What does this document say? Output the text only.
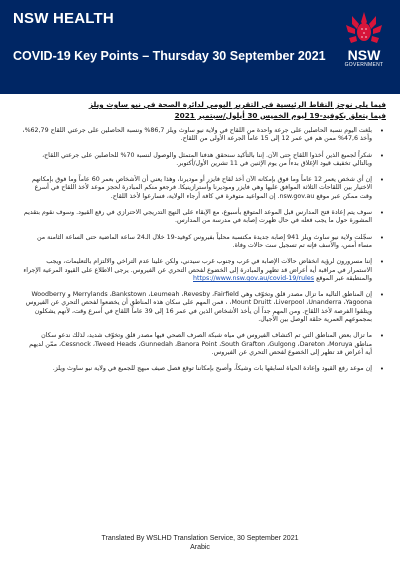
NSW HEALTH
COVID-19 Key Points – Thursday 30 September 2021	NSW
GOVERNMENT
فيما يلي نوجز النقاط الرئيسية في التقرير اليومي لدائرة الصحة في نيو ساوث ويلز
فيما يتعلق بكوفيد-19 ليوم الخميس 30 أيلول/سبتمبر 2021
•
بلغت اليوم نسبة الحاصلين على جرعة واحدة من اللقاح في ولاية نيو ساوث ويلز 86,7% ونسبة الحاصلين على جرعتي اللقاح 62,79%، وأخذ 47,6% ممن هم في عمر 12 إلى 15 عاماً الجرعة الأولى من اللقاح.
•
شكراً لجميع الذين أخذوا اللقاح حتى الآن. إننا بالتأكيد سنحقق هدفنا المتمثل والوصول لنسبة 70% للحاصلين على جرعتي اللقاح، وبالتالي تخفيف قيود الإغلاق بدءاً من يوم الإثنين في 11 تشرين الأول/أكتوبر.
•
إن أي شخص يعمر 12 عاماً وما فوق بإمكانه الآن أخذ لقاح فايزر أو موديرنا، وهذا يعني أن الأشخاص بعمر 60 عاماً وما فوق بإمكانهم الاختيار بين اللقاحات الثلاثة الموافق عليها وهي فايزر وموديرنا وأسترازينيكا. فرجعو منكم المبادرة لحجز موعد لأخذ اللقاح في أسرع وقت ممكن عبر موقع nsw.gov.au. إن المواعيد متوفرة في كافة أرجاء الولاية، فسارعوا لأخذ اللقاح.
•
سوف يتم إعادة فتح المدارس قبل الموعد المتوقع بأسبوع، مع الإبقاء على النهج التدريجي الاحترازي في رفع القيود. وسوف نقوم بتقديم المشورة حول ما يجب فعله في حال ظهرت إصابة في مدرسة من المدارس.
•
سجّلت ولاية نيو ساوث ويلز 941 إصابة جديدة مكتسبة محلياً بفيروس كوفيد-19 خلال الـ24 ساعة الماضية حتى الساعة الثامنة من مساء أمس، والأسف فإنه تم تسجيل ست حالات وفاة.
•
إننا مسرورون لرؤية انخفاض حالات الإصابة في غرب وجنوب غرب سيدني، ولكن علينا عدم التراخي والالتزام بالتعليمات، ويجب الاستمرار في مراقبة أية أعراض قد تظهر والمبادرة إلى الخضوع لفحص التحري عن الفيروس. يرجى الاطلاع على القيود المرعية الإجراء والمنطبقة عبر الموقع https://www.nsw.gov.au/covid-19/rules
•
إن المناطق التالية ما تزال مصدر قلق وتخوّف وهي Merrylands ،Bankstown ،Leumeah ،Revesby ،Fairfield و Woodberry ،Mount Druitt ،Liverpool ،Unanderra ،Yagoona ، فمن المهم على سكان هذه المناطق أن يخضعوا لفحص التحري عن الفيروس ويتلقوا الفرصة لأخذ اللقاح. ومن المهم جداً أن يأخذ الأشخاص الذين في عمر 16 إلى 39 عاماً اللقاح في أسرع وقت، لأنهم يشكلون بمجموعهم العمرية حلقة الوصل بين الأجيال.
•
ما تزال بعض المناطق التي تم اكتشاف الفيروس في مياه شبكة الصرف الصحي فيها مصدر قلق وتخوّف شديد، لذلك ندعو سكان مناطق Cessnock ،Tweed Heads ،Gunnedah ،Banora Point ،South Grafton ،Gulgong ،Dareton ،Moruya، ممّن لديهم أية أعراض قد تظهر إلى الخضوع لفحص التحري عن الفيروس.
•
إن موعد رفع القيود وإعادة الحياة لسابقها بات وشيكاً، وأصبح بإمكاننا توقع فصل صيف مبهج للجميع في ولاية نيو ساوث ويلز.
Translated By WSLHD Translation Service, 30 September 2021
Arabic
